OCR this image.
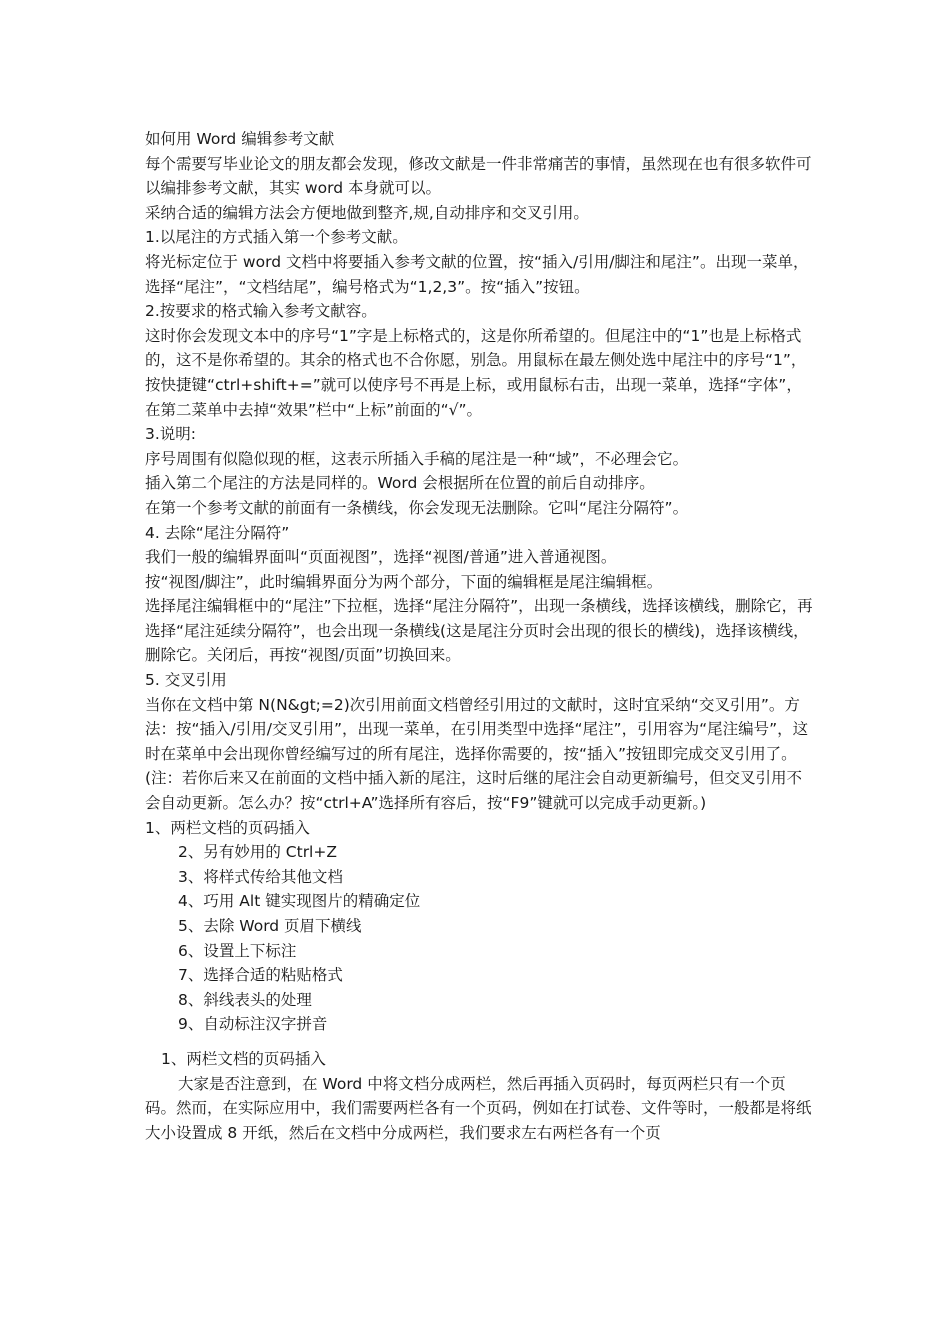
如何用 Word 编辑参考文献

每个需要写毕业论文的朋友都会发现，修改文献是一件非常痛苦的事情，虽然现在也有很多软件可以编排参考文献，其实 word 本身就可以。

采纳合适的编辑方法会方便地做到整齐,规,自动排序和交叉引用。

1.以尾注的方式插入第一个参考文献。

将光标定位于 word 文档中将要插入参考文献的位置，按“插入/引用/脚注和尾注”。出现一菜单，选择“尾注”，“文档结尾”，编号格式为“1,2,3”。按“插入”按钮。

2.按要求的格式输入参考文献容。

这时你会发现文本中的序号“1”字是上标格式的，这是你所希望的。但尾注中的“1”也是上标格式的，这不是你希望的。其余的格式也不合你愿，别急。用鼠标在最左侧处选中尾注中的序号“1”，按快捷键“ctrl+shift+=”就可以使序号不再是上标，或用鼠标右击，出现一菜单，选择“字体”，在第二菜单中去掉“效果”栏中“上标”前面的“√”。

3.说明:

序号周围有似隐似现的框，这表示所插入手稿的尾注是一种“域”，不必理会它。

插入第二个尾注的方法是同样的。Word 会根据所在位置的前后自动排序。

在第一个参考文献的前面有一条横线，你会发现无法删除。它叫“尾注分隔符”。

4. 去除“尾注分隔符”

我们一般的编辑界面叫“页面视图”，选择“视图/普通”进入普通视图。

按“视图/脚注”，此时编辑界面分为两个部分，下面的编辑框是尾注编辑框。

选择尾注编辑框中的“尾注”下拉框，选择“尾注分隔符”，出现一条横线，选择该横线，删除它，再选择“尾注延续分隔符”，也会出现一条横线(这是尾注分页时会出现的很长的横线)，选择该横线，删除它。关闭后，再按“视图/页面”切换回来。

5. 交叉引用

当你在文档中第 N(N&gt;=2)次引用前面文档曾经引用过的文献时，这时宜采纳“交叉引用”。方法：按“插入/引用/交叉引用”，出现一菜单，在引用类型中选择“尾注”，引用容为“尾注编号”，这时在菜单中会出现你曾经编写过的所有尾注，选择你需要的，按“插入”按钮即完成交叉引用了。

(注：若你后来又在前面的文档中插入新的尾注，这时后继的尾注会自动更新编号，但交叉引用不会自动更新。怎么办？按“ctrl+A”选择所有容后，按“F9”键就可以完成手动更新。)

1、两栏文档的页码插入

2、另有妙用的 Ctrl+Z

3、将样式传给其他文档

4、巧用 Alt 键实现图片的精确定位

5、去除 Word 页眉下横线

6、设置上下标注

7、选择合适的粘贴格式

8、斜线表头的处理

9、自动标注汉字拼音

1、两栏文档的页码插入

大家是否注意到，在 Word 中将文档分成两栏，然后再插入页码时，每页两栏只有一个页码。然而，在实际应用中，我们需要两栏各有一个页码，例如在打试卷、文件等时，一般都是将纸大小设置成 8 开纸，然后在文档中分成两栏，我们要求左右两栏各有一个页
